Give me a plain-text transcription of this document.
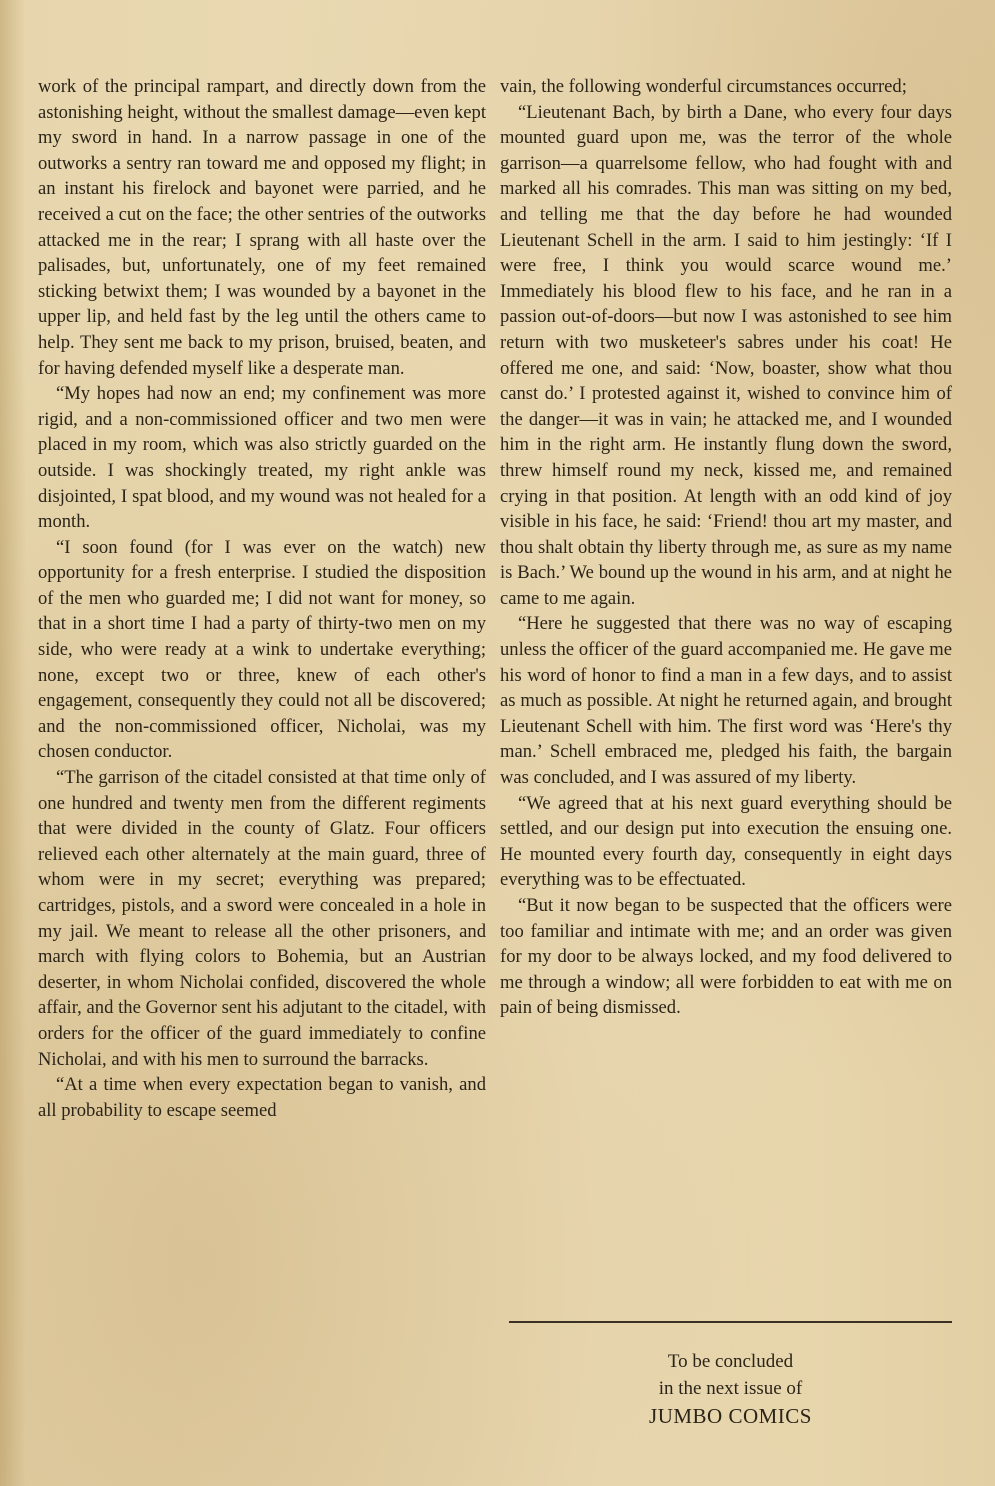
work of the principal rampart, and directly down from the astonishing height, without the smallest damage—even kept my sword in hand. In a narrow passage in one of the outworks a sentry ran toward me and opposed my flight; in an instant his firelock and bayonet were parried, and he received a cut on the face; the other sentries of the outworks attacked me in the rear; I sprang with all haste over the palisades, but, unfortunately, one of my feet remained sticking betwixt them; I was wounded by a bayonet in the upper lip, and held fast by the leg until the others came to help. They sent me back to my prison, bruised, beaten, and for having defended myself like a desperate man.

“My hopes had now an end; my confinement was more rigid, and a non-commissioned officer and two men were placed in my room, which was also strictly guarded on the outside. I was shockingly treated, my right ankle was disjointed, I spat blood, and my wound was not healed for a month.

“I soon found (for I was ever on the watch) new opportunity for a fresh enterprise. I studied the disposition of the men who guarded me; I did not want for money, so that in a short time I had a party of thirty-two men on my side, who were ready at a wink to undertake everything; none, except two or three, knew of each other's engagement, consequently they could not all be discovered; and the non-commissioned officer, Nicholai, was my chosen conductor.

“The garrison of the citadel consisted at that time only of one hundred and twenty men from the different regiments that were divided in the county of Glatz. Four officers relieved each other alternately at the main guard, three of whom were in my secret; everything was prepared; cartridges, pistols, and a sword were concealed in a hole in my jail. We meant to release all the other prisoners, and march with flying colors to Bohemia, but an Austrian deserter, in whom Nicholai confided, discovered the whole affair, and the Governor sent his adjutant to the citadel, with orders for the officer of the guard immediately to confine Nicholai, and with his men to surround the barracks.

“At a time when every expectation began to vanish, and all probability to escape seemed

vain, the following wonderful circumstances occurred;

“Lieutenant Bach, by birth a Dane, who every four days mounted guard upon me, was the terror of the whole garrison—a quarrelsome fellow, who had fought with and marked all his comrades. This man was sitting on my bed, and telling me that the day before he had wounded Lieutenant Schell in the arm. I said to him jestingly: ‘If I were free, I think you would scarce wound me.’ Immediately his blood flew to his face, and he ran in a passion out-of-doors—but now I was astonished to see him return with two musketeer's sabres under his coat! He offered me one, and said: ‘Now, boaster, show what thou canst do.’ I protested against it, wished to convince him of the danger—it was in vain; he attacked me, and I wounded him in the right arm. He instantly flung down the sword, threw himself round my neck, kissed me, and remained crying in that position. At length with an odd kind of joy visible in his face, he said: ‘Friend! thou art my master, and thou shalt obtain thy liberty through me, as sure as my name is Bach.’ We bound up the wound in his arm, and at night he came to me again.

“Here he suggested that there was no way of escaping unless the officer of the guard accompanied me. He gave me his word of honor to find a man in a few days, and to assist as much as possible. At night he returned again, and brought Lieutenant Schell with him. The first word was ‘Here's thy man.’ Schell embraced me, pledged his faith, the bargain was concluded, and I was assured of my liberty.

“We agreed that at his next guard everything should be settled, and our design put into execution the ensuing one. He mounted every fourth day, consequently in eight days everything was to be effectuated.

“But it now began to be suspected that the officers were too familiar and intimate with me; and an order was given for my door to be always locked, and my food delivered to me through a window; all were forbidden to eat with me on pain of being dismissed.

To be concluded
in the next issue of
JUMBO COMICS
